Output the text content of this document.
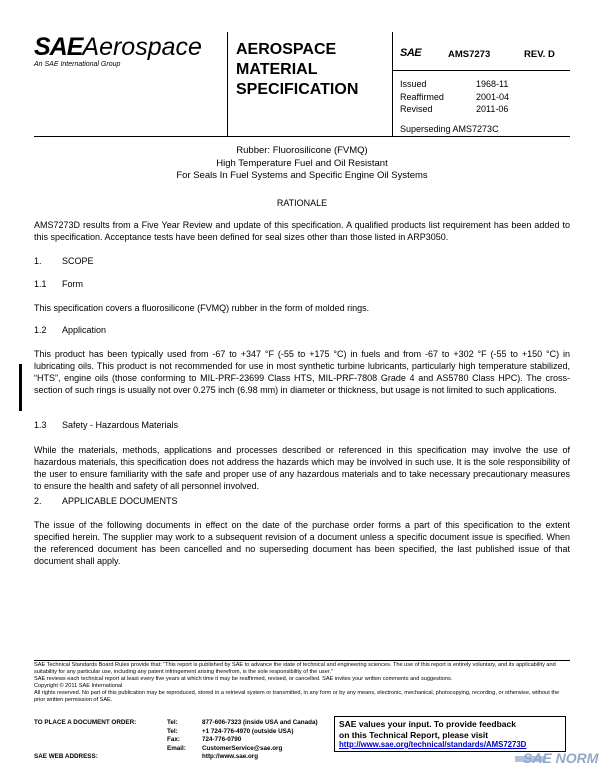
SAEAerospace
An SAE International Group
AEROSPACE
MATERIAL
SPECIFICATION
SAE	AMS7273	REV. D
Issued	1968-11
Reaffirmed	2001-04
Revised	2011-06
Superseding AMS7273C
Rubber: Fluorosilicone (FVMQ)
High Temperature Fuel and Oil Resistant
For Seals In Fuel Systems and Specific Engine Oil Systems
RATIONALE
AMS7273D results from a Five Year Review and update of this specification. A qualified products list requirement has been added to this specification. Acceptance tests have been defined for seal sizes other than those listed in ARP3050.
1. SCOPE
1.1 Form
This specification covers a fluorosilicone (FVMQ) rubber in the form of molded rings.
1.2 Application
This product has been typically used from -67 to +347 °F (-55 to +175 °C) in fuels and from -67 to +302 °F (-55 to +150 °C) in lubricating oils. This product is not recommended for use in most synthetic turbine lubricants, particularly high temperature stabilized, “HTS”, engine oils (those conforming to MIL-PRF-23699 Class HTS, MIL-PRF-7808 Grade 4 and AS5780 Class HPC). The cross-section of such rings is usually not over 0.275 inch (6.98 mm) in diameter or thickness, but usage is not limited to such applications.
1.3 Safety - Hazardous Materials
While the materials, methods, applications and processes described or referenced in this specification may involve the use of hazardous materials, this specification does not address the hazards which may be involved in such use. It is the sole responsibility of the user to ensure familiarity with the safe and proper use of any hazardous materials and to take necessary precautionary measures to ensure the health and safety of all personnel involved.
2. APPLICABLE DOCUMENTS
The issue of the following documents in effect on the date of the purchase order forms a part of this specification to the extent specified herein. The supplier may work to a subsequent revision of a document unless a specific document issue is specified. When the referenced document has been cancelled and no superseding document has been specified, the last published issue of that document shall apply.

SAE Technical Standards Board Rules provide that: “This report is published by SAE to advance the state of technical and engineering sciences. The use of this report is entirely voluntary, and its applicability and suitability for any particular use, including any patent infringement arising therefrom, is the sole responsibility of the user.”

SAE reviews each technical report at least every five years at which time it may be reaffirmed, revised, or cancelled. SAE invites your written comments and suggestions.

Copyright © 2011 SAE International

All rights reserved. No part of this publication may be reproduced, stored in a retrieval system or transmitted, in any form or by any means, electronic, mechanical, photocopying, recording, or otherwise, without the prior written permission of SAE.

TO PLACE A DOCUMENT ORDER:	Tel:	877-606-7323 (inside USA and Canada)
Tel:	+1 724-776-4970 (outside USA)
Fax:	724-776-0790
Email:	CustomerService@sae.org
SAE WEB ADDRESS:	http://www.sae.org
SAE values your input. To provide feedback
on this Technical Report, please visit
http://www.sae.org/technical/standards/AMS7273D
SAE NORM
